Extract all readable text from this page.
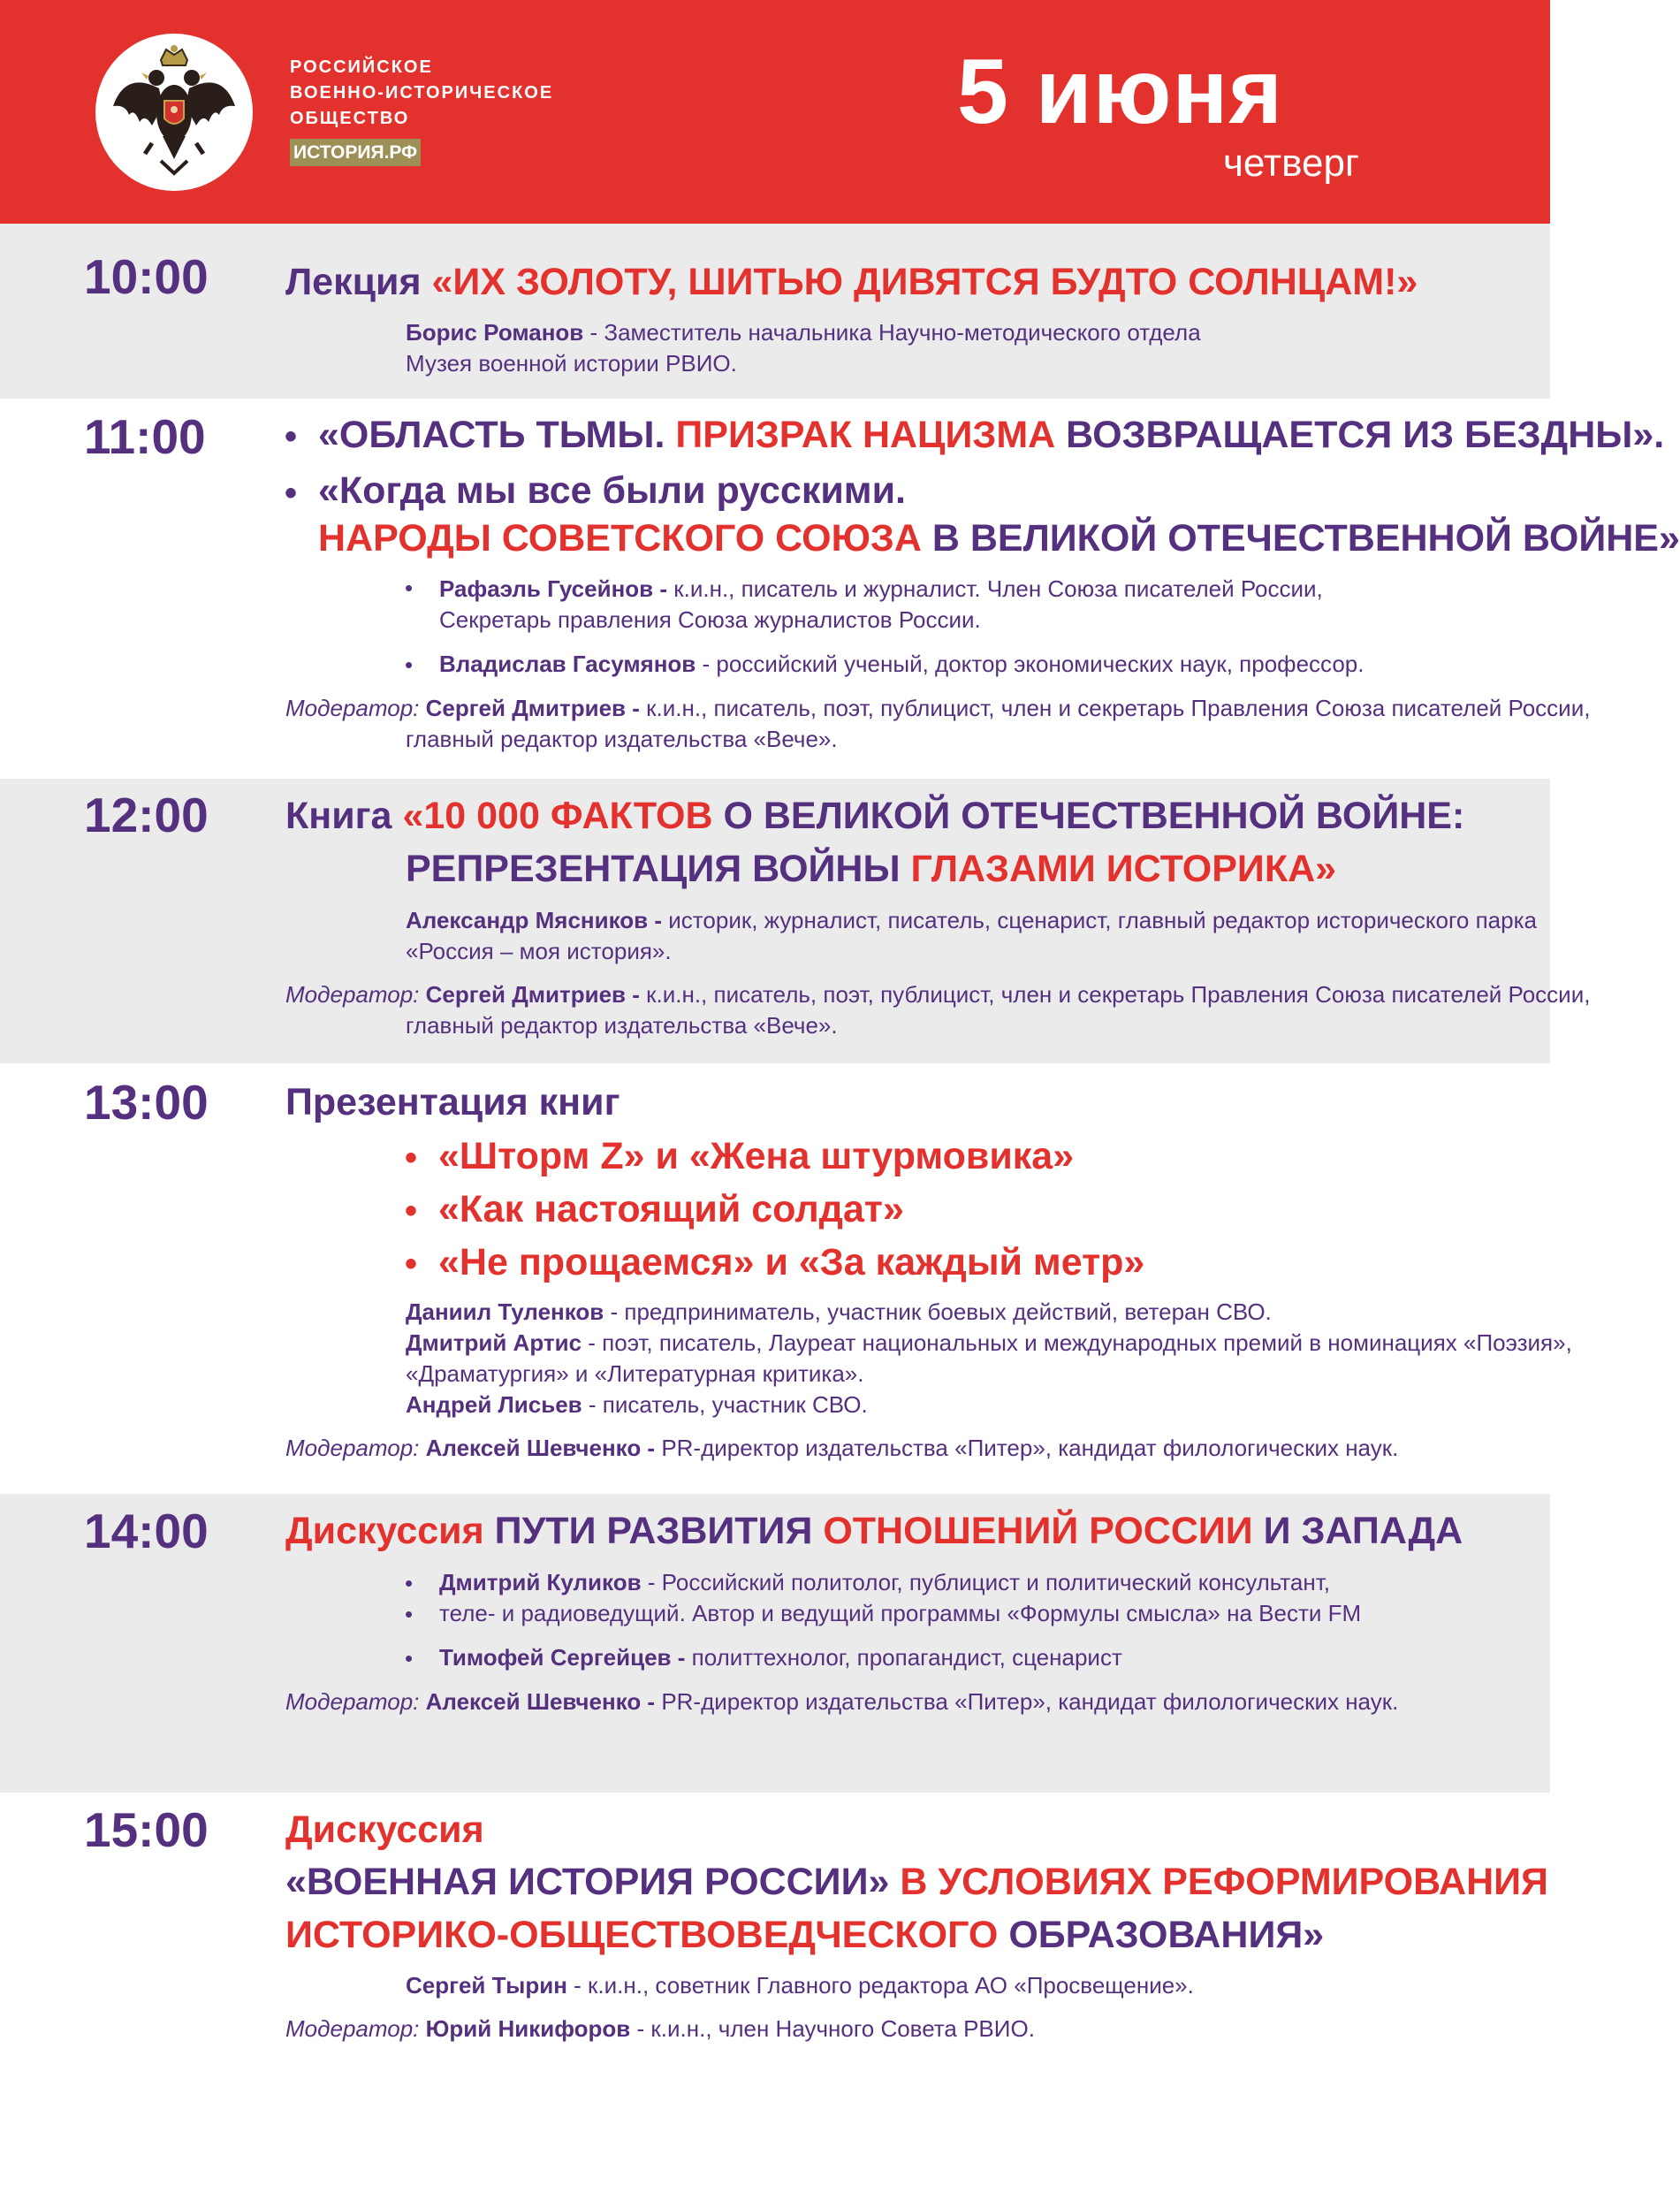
РОССИЙСКОЕ
ВОЕННО-ИСТОРИЧЕСКОЕ
ОБЩЕСТВО
ИСТОРИЯ.РФ
5 июня
четверг
10:00 Лекция «ИХ ЗОЛОТУ, ШИТЬЮ ДИВЯТСЯ БУДТО СОЛНЦАМ!»
Борис Романов - Заместитель начальника Научно-методического отдела
Музея военной истории РВИО.
11:00 • «ОБЛАСТЬ ТЬМЫ. ПРИЗРАК НАЦИЗМА ВОЗВРАЩАЕТСЯ ИЗ БЕЗДНЫ».
• «Когда мы все были русскими.
НАРОДЫ СОВЕТСКОГО СОЮЗА В ВЕЛИКОЙ ОТЕЧЕСТВЕННОЙ ВОЙНЕ»
• Рафаэль Гусейнов - к.и.н., писатель и журналист. Член Союза писателей России,
Секретарь правления Союза журналистов России.
• Владислав Гасумянов - российский ученый, доктор экономических наук, профессор.
Модератор: Сергей Дмитриев - к.и.н., писатель, поэт, публицист, член и секретарь Правления Союза писателей России,
главный редактор издательства «Вече».
12:00 Книга «10 000 ФАКТОВ О ВЕЛИКОЙ ОТЕЧЕСТВЕННОЙ ВОЙНЕ:
РЕПРЕЗЕНТАЦИЯ ВОЙНЫ ГЛАЗАМИ ИСТОРИКА»
Александр Мясников - историк, журналист, писатель, сценарист, главный редактор исторического парка
«Россия – моя история».
Модератор: Сергей Дмитриев - к.и.н., писатель, поэт, публицист, член и секретарь Правления Союза писателей России,
главный редактор издательства «Вече».
13:00 Презентация книг
• «Шторм Z» и «Жена штурмовика»
• «Как настоящий солдат»
• «Не прощаемся» и «За каждый метр»
Даниил Туленков - предприниматель, участник боевых действий, ветеран СВО.
Дмитрий Артис - поэт, писатель, Лауреат национальных и международных премий в номинациях «Поэзия»,
«Драматургия» и «Литературная критика».
Андрей Лисьев - писатель, участник СВО.
Модератор: Алексей Шевченко - PR-директор издательства «Питер», кандидат филологических наук.
14:00 Дискуссия ПУТИ РАЗВИТИЯ ОТНОШЕНИЙ РОССИИ И ЗАПАДА
• Дмитрий Куликов - Российский политолог, публицист и политический консультант,
• теле- и радиоведущий. Автор и ведущий программы «Формулы смысла» на Вести FM
• Тимофей Сергейцев - политтехнолог, пропагандист, сценарист
Модератор: Алексей Шевченко - PR-директор издательства «Питер», кандидат филологических наук.
15:00 Дискуссия
«ВОЕННАЯ ИСТОРИЯ РОССИИ» В УСЛОВИЯХ РЕФОРМИРОВАНИЯ
ИСТОРИКО-ОБЩЕСТВОВЕДЧЕСКОГО ОБРАЗОВАНИЯ»
Сергей Тырин - к.и.н., советник Главного редактора АО «Просвещение».
Модератор: Юрий Никифоров - к.и.н., член Научного Совета РВИО.
